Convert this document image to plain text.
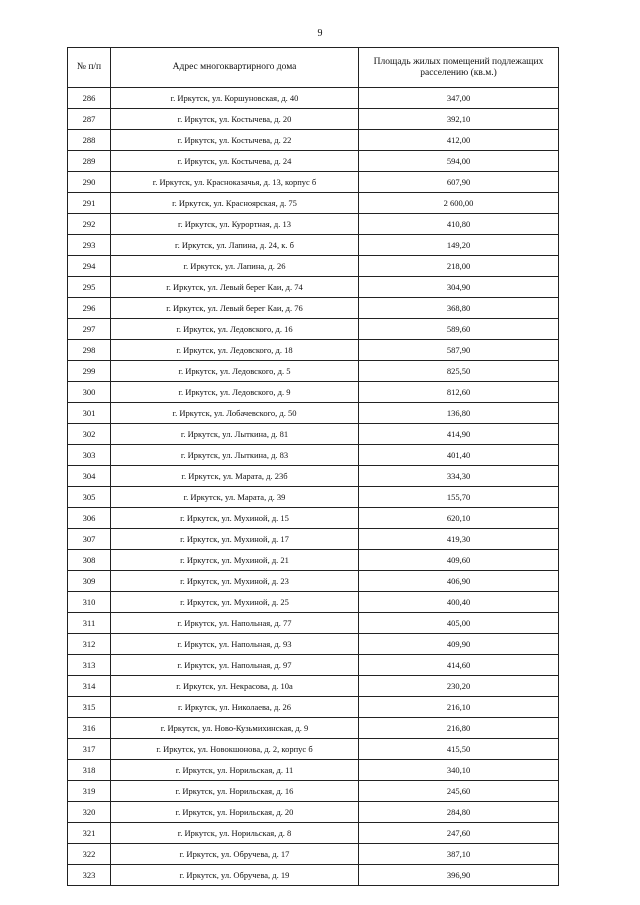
9
№ п/п	Адрес многоквартирного дома	Площадь жилых помещений подлежащих расселению (кв.м.)
286	г. Иркутск, ул. Коршуновская, д. 40	347,00
287	г. Иркутск, ул. Костычева, д. 20	392,10
288	г. Иркутск, ул. Костычева, д. 22	412,00
289	г. Иркутск, ул. Костычева, д. 24	594,00
290	г. Иркутск, ул. Красноказачья, д. 13, корпус б	607,90
291	г. Иркутск, ул. Красноярская, д. 75	2 600,00
292	г. Иркутск, ул. Курортная, д. 13	410,80
293	г. Иркутск, ул. Лапина, д. 24, к. б	149,20
294	г. Иркутск, ул. Лапина, д. 26	218,00
295	г. Иркутск, ул. Левый берег Каи, д. 74	304,90
296	г. Иркутск, ул. Левый берег Каи, д. 76	368,80
297	г. Иркутск, ул. Ледовского, д. 16	589,60
298	г. Иркутск, ул. Ледовского, д. 18	587,90
299	г. Иркутск, ул. Ледовского, д. 5	825,50
300	г. Иркутск, ул. Ледовского, д. 9	812,60
301	г. Иркутск, ул. Лобачевского, д. 50	136,80
302	г. Иркутск, ул. Лыткина, д. 81	414,90
303	г. Иркутск, ул. Лыткина, д. 83	401,40
304	г. Иркутск, ул. Марата, д. 23б	334,30
305	г. Иркутск, ул. Марата, д. 39	155,70
306	г. Иркутск, ул. Мухиной, д. 15	620,10
307	г. Иркутск, ул. Мухиной, д. 17	419,30
308	г. Иркутск, ул. Мухиной, д. 21	409,60
309	г. Иркутск, ул. Мухиной, д. 23	406,90
310	г. Иркутск, ул. Мухиной, д. 25	400,40
311	г. Иркутск, ул. Напольная, д. 77	405,00
312	г. Иркутск, ул. Напольная, д. 93	409,90
313	г. Иркутск, ул. Напольная, д. 97	414,60
314	г. Иркутск, ул. Некрасова, д. 10а	230,20
315	г. Иркутск, ул. Николаева, д. 26	216,10
316	г. Иркутск, ул. Ново-Кузьмихинская, д. 9	216,80
317	г. Иркутск, ул. Новокшонова, д. 2, корпус б	415,50
318	г. Иркутск, ул. Норильская, д. 11	340,10
319	г. Иркутск, ул. Норильская, д. 16	245,60
320	г. Иркутск, ул. Норильская, д. 20	284,80
321	г. Иркутск, ул. Норильская, д. 8	247,60
322	г. Иркутск, ул. Обручева, д. 17	387,10
323	г. Иркутск, ул. Обручева, д. 19	396,90
